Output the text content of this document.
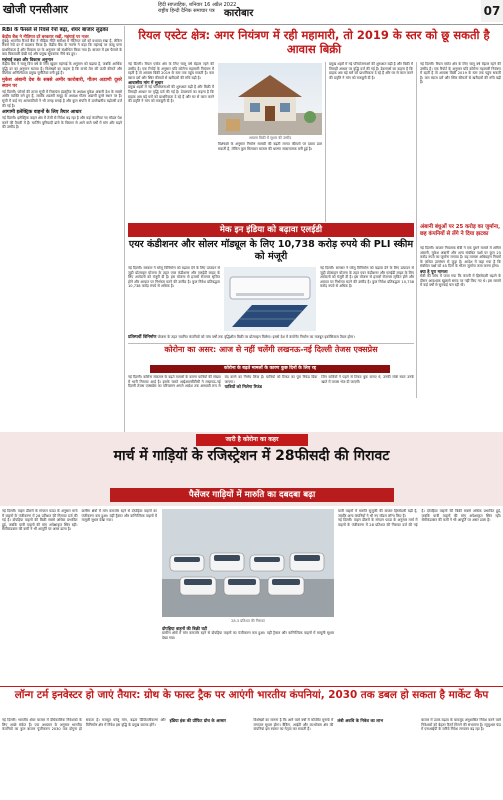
खोजी एनसीआर	हिंदी साप्ताहिक, शनिवार 16 अप्रैल 2022
राष्ट्रीय हिन्दी दैनिक समाचार पत्र कारोबार	07
RBI के फैसले से रिवर्स रेपो बढ़ा, शेयर बाजार लुढ़का
केंद्रीय बैंक ने नीतिगत दरें बरकरार रखीं, महंगाई पर नजर
मुंबई। भारतीय रिजर्व बैंक ने मौद्रिक नीति समीक्षा में नीतिगत दरों को यथावत रखा है, लेकिन रिवर्स रेपो दर में बदलाव किया है। केंद्रीय बैंक के गवर्नर ने कहा कि महंगाई पर काबू पाना प्राथमिकता है और विकास दर के अनुमान को संशोधित किया गया है। बाजार में इस फैसले के बाद बिकवाली देखी गई और प्रमुख सूचकांक नीचे बंद हुए।
महंगाई लक्ष्य और विकास अनुमान
केंद्रीय बैंक ने चालू वित्त वर्ष के लिए खुदरा महंगाई के अनुमान को बढ़ाया है, जबकि आर्थिक वृद्धि दर का अनुमान घटाया है। विशेषज्ञों का कहना है कि कच्चे तेल की ऊंची कीमतें और वैश्विक अनिश्चितता प्रमुख चुनौतियां बनी हुई हैं।
मुकेश अंबानी देश के सबसे अमीर कारोबारी, गौतम अडाणी दूसरे स्थान पर
नई दिल्ली। फोर्ब्स की ताजा सूची में रिलायंस इंडस्ट्रीज के अध्यक्ष मुकेश अंबानी देश के सबसे अमीर व्यक्ति बने हुए हैं, जबकि अडाणी समूह के अध्यक्ष गौतम अडाणी दूसरे स्थान पर हैं। सूची में कई नए अरबपतियों ने भी जगह बनाई है और कुल संपत्ति में उल्लेखनीय बढ़ोतरी दर्ज की गई है।
आगामी इलेक्ट्रिक वाहनों के लिए तैयार आधार
नई दिल्ली। इलेक्ट्रिक वाहन क्षेत्र में तेजी से निवेश बढ़ रहा है और कई कंपनियां नए मॉडल पेश करने की तैयारी में हैं। चार्जिंग बुनियादी ढांचे के विस्तार से आने वाले वर्षों में मांग और बढ़ने की उम्मीद है।
रियल एस्टेट क्षेत्र: अगर नियंत्रण में रही महामारी, तो 2019 के स्तर को छू सकती है आवास बिक्री
नई दिल्ली। रियल एस्टेट क्षेत्र के लिए चालू वर्ष बेहतर रहने की उम्मीद है। एक रिपोर्ट के अनुसार यदि कोरोना महामारी नियंत्रण में रहती है तो आवास बिक्री 2019 के स्तर तक पहुंच सकती है। कम ब्याज दरों और स्थिर कीमतों से खरीदारों की रुचि बढ़ी है।
आवासीय मांग में सुधार
प्रमुख शहरों में नई परियोजनाओं की शुरुआत बढ़ी है और बिक्री में तिमाही आधार पर वृद्धि दर्ज की गई है। डेवलपर्स का कहना है कि ग्राहक अब बड़े घरों को प्राथमिकता दे रहे हैं और घर से काम करने की प्रवृत्ति ने मांग को मजबूती दी है।
आवास बिक्री में सुधार की उम्मीद
विशेषज्ञों के अनुसार निर्माण सामग्री की बढ़ती लागत कीमतों पर दबाव डाल सकती है, लेकिन कुल मिलाकर बाजार की धारणा सकारात्मक बनी हुई है।
प्रमुख शहरों में नई परियोजनाओं की शुरुआत बढ़ी है और बिक्री में तिमाही आधार पर वृद्धि दर्ज की गई है। डेवलपर्स का कहना है कि ग्राहक अब बड़े घरों को प्राथमिकता दे रहे हैं और घर से काम करने की प्रवृत्ति ने मांग को मजबूती दी है।
नई दिल्ली। रियल एस्टेट क्षेत्र के लिए चालू वर्ष बेहतर रहने की उम्मीद है। एक रिपोर्ट के अनुसार यदि कोरोना महामारी नियंत्रण में रहती है तो आवास बिक्री 2019 के स्तर तक पहुंच सकती है। कम ब्याज दरों और स्थिर कीमतों से खरीदारों की रुचि बढ़ी है।
अंबानी बंधुओं पर 25 करोड़ का जुर्माना, छह कंपनियों से लेंगे ने दिया झटका
नई दिल्ली। बाजार नियामक सेबी ने एक पुराने मामले में अनिल अंबानी, मुकेश अंबानी और अन्य संबंधित पक्षों पर कुल 25 करोड़ रुपये का जुर्माना लगाया है। यह मामला अधिग्रहण नियमों के कथित उल्लंघन से जुड़ा है। आदेश में कहा गया है कि संबंधित पक्षों को 45 दिनों के भीतर जुर्माना जमा करना होगा।
क्या है पूरा मामला
सेबी की जांच में पाया गया कि कंपनी में हिस्सेदारी बढ़ाने के दौरान आवश्यक खुलासे समय पर नहीं किए गए थे। इस मामले में कई वर्षों से सुनवाई चल रही थी।
मेक इन इंडिया को बढ़ावा एलईडी
एयर कंडीशनर और सोलर मॉड्यूल के लिए 10,738 करोड़ रुपये की PLI स्कीम को मंजूरी
नई दिल्ली। सरकार ने घरेलू विनिर्माण को बढ़ावा देने के लिए उत्पादन से जुड़ी प्रोत्साहन योजना के तहत एयर कंडीशनर और एलईडी लाइट के लिए आवेदनों को मंजूरी दी है। इस योजना से हजारों रोजगार सृजित होने और आयात पर निर्भरता घटने की उम्मीद है। कुल निवेश प्रतिबद्धता 10,738 करोड़ रुपये से अधिक है।
नई दिल्ली। सरकार ने घरेलू विनिर्माण को बढ़ावा देने के लिए उत्पादन से जुड़ी प्रोत्साहन योजना के तहत एयर कंडीशनर और एलईडी लाइट के लिए आवेदनों को मंजूरी दी है। इस योजना से हजारों रोजगार सृजित होने और आयात पर निर्भरता घटने की उम्मीद है। कुल निवेश प्रतिबद्धता 10,738 करोड़ रुपये से अधिक है।
प्रतिस्पर्धी विनिर्माण योजना के तहत चयनित कंपनियों को पांच वर्षों तक वृद्धिशील बिक्री पर प्रोत्साहन मिलेगा। इससे देश में कंपोनेंट निर्माण का मजबूत इकोसिस्टम तैयार होगा।
कोरोना का असर: आज से नहीं चलेंगी लखनऊ-नई दिल्ली तेजस एक्सप्रेस
कोरोना के बढ़ते मामलों के कारण कुछ दिनों के लिए रद्द
नई दिल्ली। कोरोना संक्रमण के बढ़ते मामलों के कारण यात्रियों की संख्या में भारी गिरावट आई है। इसके चलते आईआरसीटीसी ने लखनऊ-नई दिल्ली तेजस एक्सप्रेस का परिचालन अगले आदेश तक अस्थायी रूप से बंद करने का निर्णय लिया है। यात्रियों को टिकट का पूरा रिफंड दिया जाएगा।
यात्रियों को मिलेगा रिफंड
जिन यात्रियों ने पहले से टिकट बुक कराए थे, उनकी राशि स्वतः उनके खाते में वापस भेज दी जाएगी।
जारी है कोरोना का कहर
मार्च में गाड़ियों के रजिस्ट्रेशन में 28फीसदी की गिरावट
पैसेंजर गाड़ियों में मारुति का दबदबा बढ़ा
नई दिल्ली। वाहन डीलरों के संगठन फाडा के अनुसार मार्च में वाहनों के पंजीकरण में 28 प्रतिशत की गिरावट दर्ज की गई है। दोपहिया वाहनों की बिक्री सबसे अधिक प्रभावित हुई, जबकि यात्री वाहनों की मांग अपेक्षाकृत स्थिर रही। सेमीकंडक्टर की कमी ने भी आपूर्ति पर असर डाला है।
ग्रामीण क्षेत्रों में मांग कमजोर रहने से दोपहिया वाहनों का पंजीकरण कम हुआ। वहीं ट्रैक्टर और वाणिज्यिक वाहनों में मामूली सुधार देखा गया।
28.3 प्रतिशत की गिरावट
दोपहिया वाहनों की बिक्री घटी
ग्रामीण क्षेत्रों में मांग कमजोर रहने से दोपहिया वाहनों का पंजीकरण कम हुआ। वहीं ट्रैक्टर और वाणिज्यिक वाहनों में मामूली सुधार देखा गया।
यात्री वाहनों में मारुति सुजुकी की बाजार हिस्सेदारी बढ़ी है, जबकि अन्य कंपनियों ने भी नए मॉडल लॉन्च किए हैं।
नई दिल्ली। वाहन डीलरों के संगठन फाडा के अनुसार मार्च में वाहनों के पंजीकरण में 28 प्रतिशत की गिरावट दर्ज की गई है। दोपहिया वाहनों की बिक्री सबसे अधिक प्रभावित हुई, जबकि यात्री वाहनों की मांग अपेक्षाकृत स्थिर रही। सेमीकंडक्टर की कमी ने भी आपूर्ति पर असर डाला है।
लॉन्ग टर्म इनवेस्टर हो जाएं तैयार: ग्रोथ के फास्ट ट्रैक पर आएंगी भारतीय कंपनियां, 2030 तक डबल हो सकता है मार्केट कैप
नई दिल्ली। भारतीय शेयर बाजार में दीर्घकालिक निवेशकों के लिए अच्छे संकेत हैं। एक अध्ययन के अनुसार भारतीय कंपनियों का कुल बाजार पूंजीकरण 2030 तक दोगुना हो सकता है। मजबूत घरेलू मांग, बढ़ता डिजिटलीकरण और विनिर्माण क्षेत्र में निवेश इस वृद्धि के प्रमुख कारक होंगे।
इंडिया इंक की प्रॉफिट ग्रोथ के आसार	विशेषज्ञों का मानना है कि आने वाले वर्षों में कॉर्पोरेट मुनाफे में लगातार सुधार होगा। बैंकिंग, आईटी और उपभोक्ता क्षेत्र की कंपनियां इस रफ्तार का नेतृत्व कर सकती हैं।
लंबी अवधि के निवेश का लाभ	बाजार में उतार-चढ़ाव के बावजूद अनुशासित निवेश करने वाले निवेशकों को बेहतर रिटर्न मिलने की संभावना है। म्यूचुअल फंड में एसआईपी के जरिये निवेश लगातार बढ़ रहा है।
